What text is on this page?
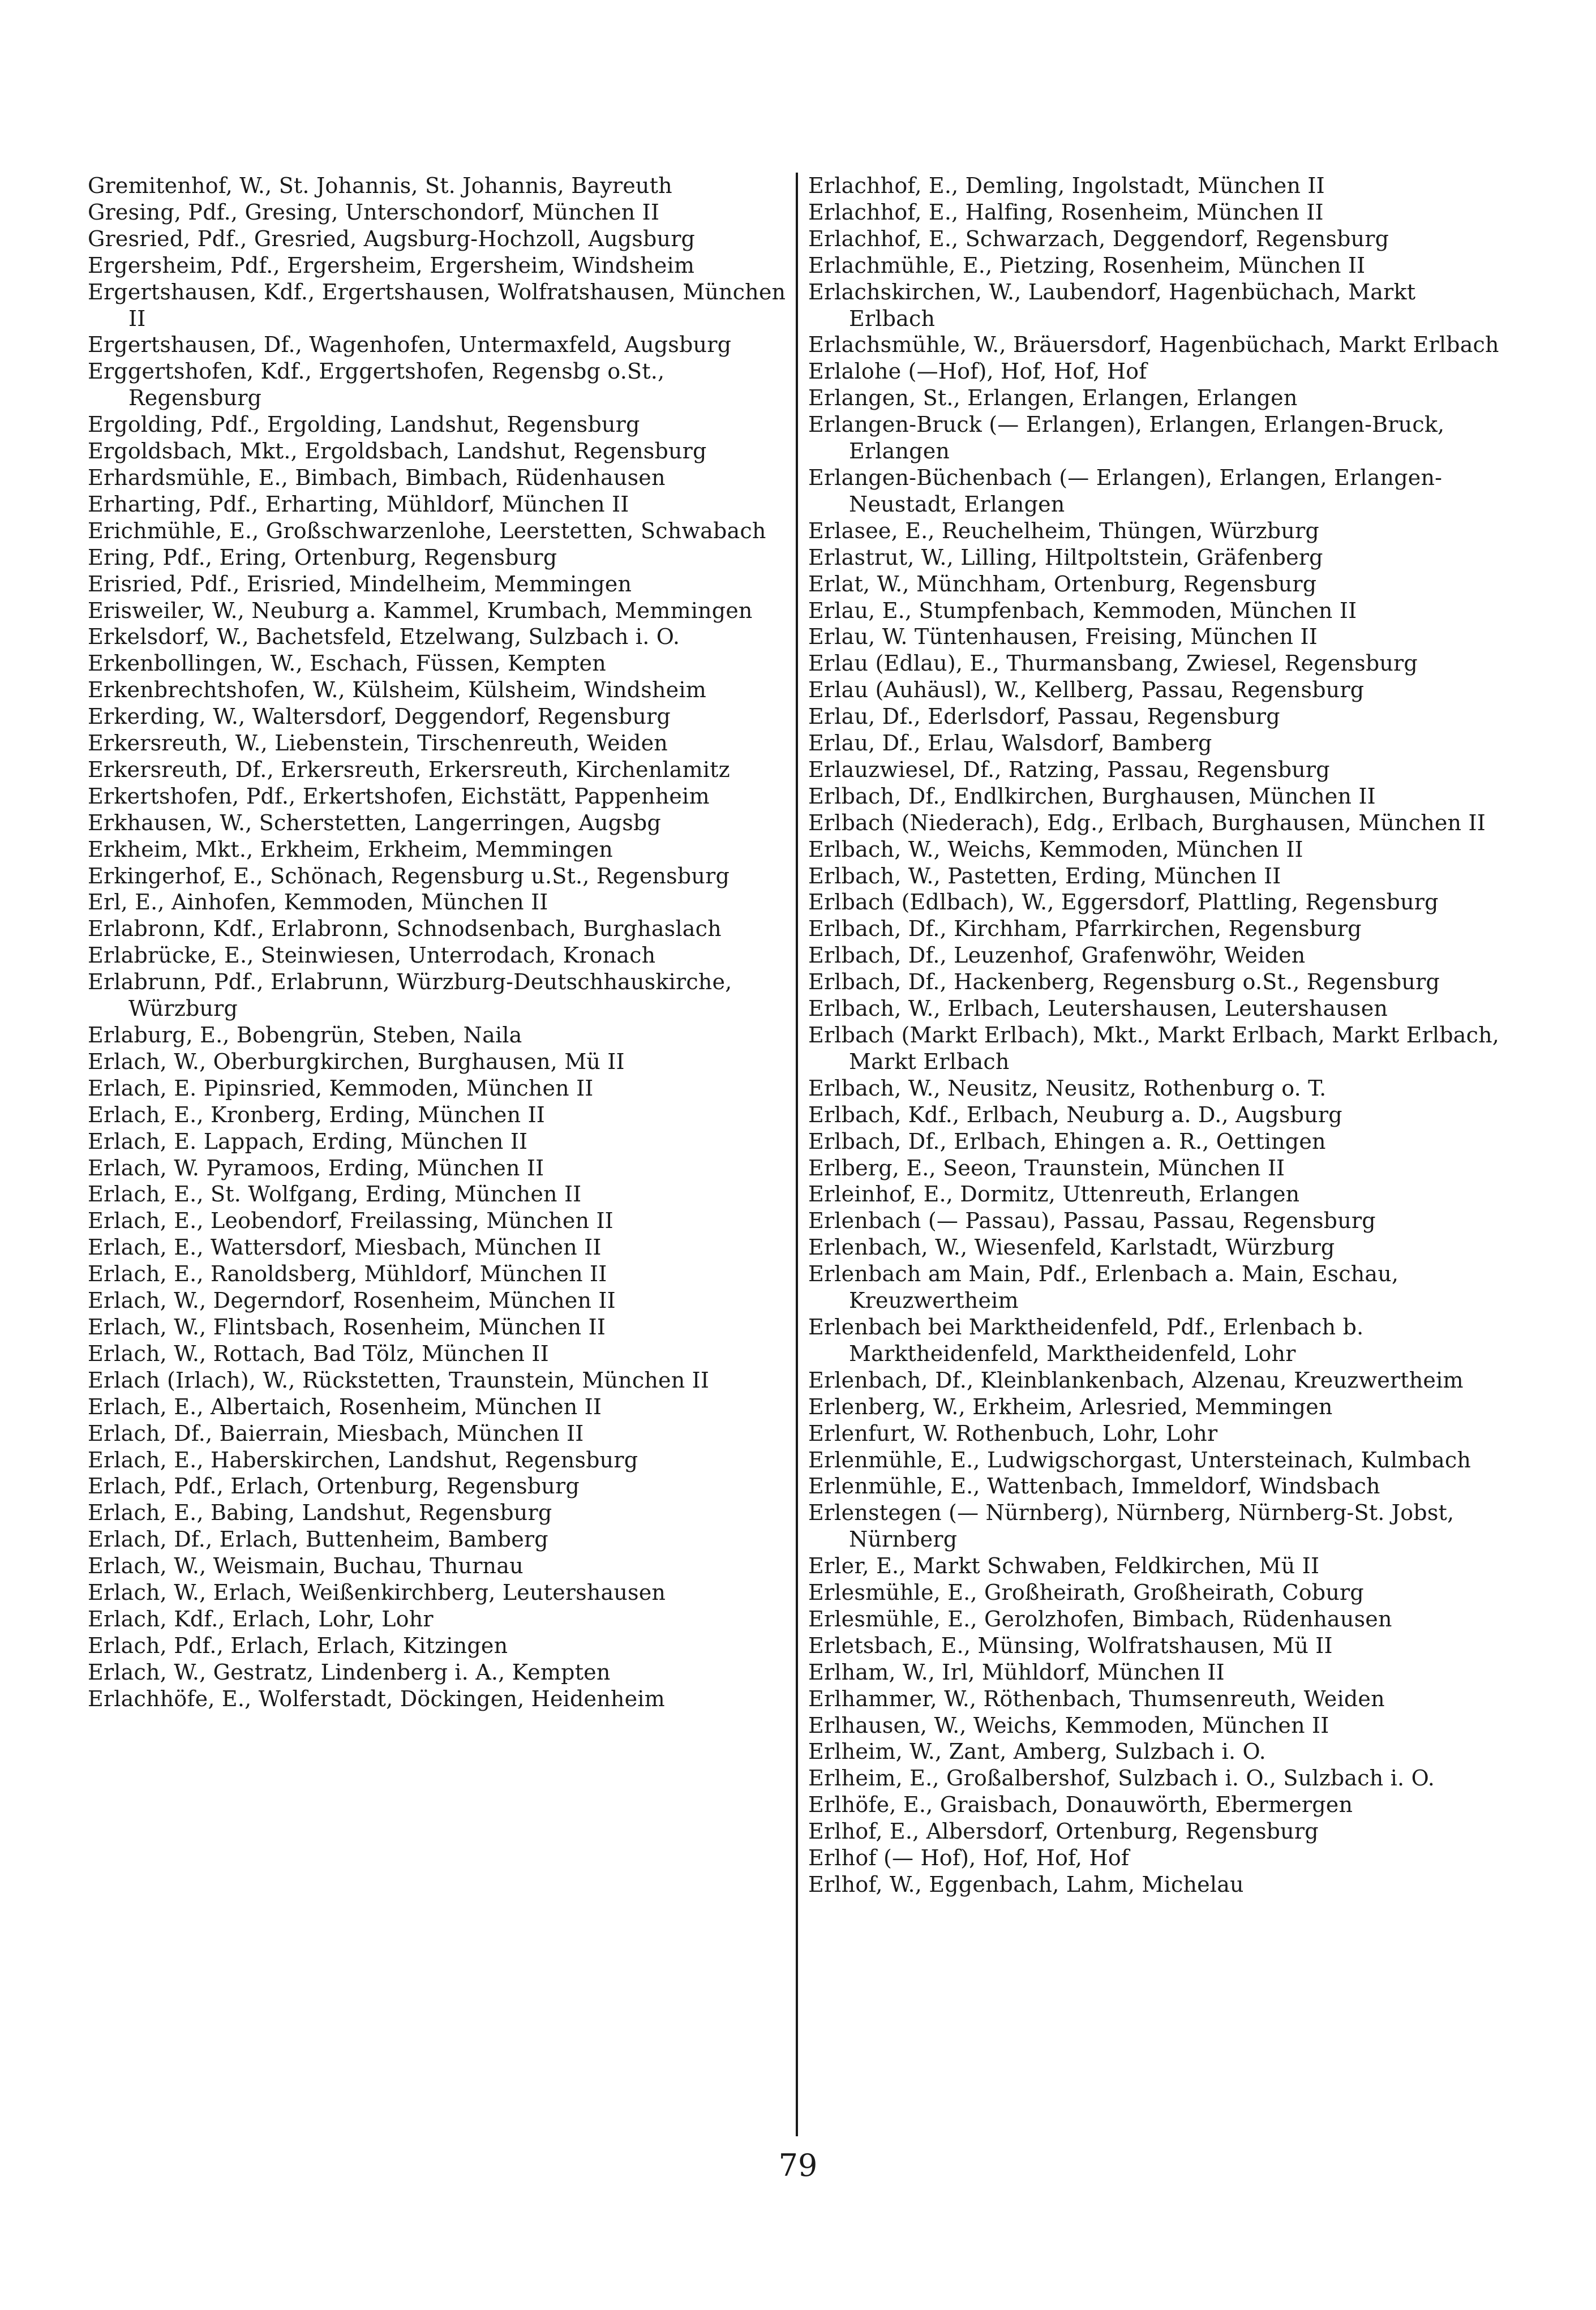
Gremitenhof, W., St. Johannis, St. Johannis, Bayreuth
Gresing, Pdf., Gresing, Unterschondorf, München II
Gresried, Pdf., Gresried, Augsburg-Hochzoll, Augsburg
Ergersheim, Pdf., Ergersheim, Ergersheim, Windsheim
Ergertshausen, Kdf., Ergertshausen, Wolfratshausen, München II
Ergertshausen, Df., Wagenhofen, Untermaxfeld, Augsburg
Erggertshofen, Kdf., Erggertshofen, Regensbg o.St., Regensburg
Ergolding, Pdf., Ergolding, Landshut, Regensburg
Ergoldsbach, Mkt., Ergoldsbach, Landshut, Regensburg
Erhardsmühle, E., Bimbach, Bimbach, Rüdenhausen
Erharting, Pdf., Erharting, Mühldorf, München II
Erichmühle, E., Großschwarzenlohe, Leerstetten, Schwabach
Ering, Pdf., Ering, Ortenburg, Regensburg
Erisried, Pdf., Erisried, Mindelheim, Memmingen
Erisweiler, W., Neuburg a. Kammel, Krumbach, Memmingen
Erkelsdorf, W., Bachetsfeld, Etzelwang, Sulzbach i. O.
Erkenbollingen, W., Eschach, Füssen, Kempten
Erkenbrechtshofen, W., Külsheim, Külsheim, Windsheim
Erkerding, W., Waltersdorf, Deggendorf, Regensburg
Erkersreuth, W., Liebenstein, Tirschenreuth, Weiden
Erkersreuth, Df., Erkersreuth, Erkersreuth, Kirchenlamitz
Erkertshofen, Pdf., Erkertshofen, Eichstätt, Pappenheim
Erkhausen, W., Scherstetten, Langerringen, Augsbg
Erkheim, Mkt., Erkheim, Erkheim, Memmingen
Erkingerhof, E., Schönach, Regensburg u.St., Regensburg
Erl, E., Ainhofen, Kemmoden, München II
Erlabronn, Kdf., Erlabronn, Schnodsenbach, Burghaslach
Erlabrücke, E., Steinwiesen, Unterrodach, Kronach
Erlabrunn, Pdf., Erlabrunn, Würzburg-Deutschhauskirche, Würzburg
Erlaburg, E., Bobengrün, Steben, Naila
Erlach, W., Oberburgkirchen, Burghausen, Mü II
Erlach, E. Pipinsried, Kemmoden, München II
Erlach, E., Kronberg, Erding, München II
Erlach, E. Lappach, Erding, München II
Erlach, W. Pyramoos, Erding, München II
Erlach, E., St. Wolfgang, Erding, München II
Erlach, E., Leobendorf, Freilassing, München II
Erlach, E., Wattersdorf, Miesbach, München II
Erlach, E., Ranoldsberg, Mühldorf, München II
Erlach, W., Degerndorf, Rosenheim, München II
Erlach, W., Flintsbach, Rosenheim, München II
Erlach, W., Rottach, Bad Tölz, München II
Erlach (Irlach), W., Rückstetten, Traunstein, München II
Erlach, E., Albertaich, Rosenheim, München II
Erlach, Df., Baierrain, Miesbach, München II
Erlach, E., Haberskirchen, Landshut, Regensburg
Erlach, Pdf., Erlach, Ortenburg, Regensburg
Erlach, E., Babing, Landshut, Regensburg
Erlach, Df., Erlach, Buttenheim, Bamberg
Erlach, W., Weismain, Buchau, Thurnau
Erlach, W., Erlach, Weißenkirchberg, Leutershausen
Erlach, Kdf., Erlach, Lohr, Lohr
Erlach, Pdf., Erlach, Erlach, Kitzingen
Erlach, W., Gestratz, Lindenberg i. A., Kempten
Erlachhöfe, E., Wolferstadt, Döckingen, Heidenheim
Erlachhof, E., Demling, Ingolstadt, München II
Erlachhof, E., Halfing, Rosenheim, München II
Erlachhof, E., Schwarzach, Deggendorf, Regensburg
Erlachmühle, E., Pietzing, Rosenheim, München II
Erlachskirchen, W., Laubendorf, Hagenbüchach, Markt Erlbach
Erlachsmühle, W., Bräuersdorf, Hagenbüchach, Markt Erlbach
Erlalohe (—Hof), Hof, Hof, Hof
Erlangen, St., Erlangen, Erlangen, Erlangen
Erlangen-Bruck (— Erlangen), Erlangen, Erlangen-Bruck, Erlangen
Erlangen-Büchenbach (— Erlangen), Erlangen, Erlangen-Neustadt, Erlangen
Erlasee, E., Reuchelheim, Thüngen, Würzburg
Erlastrut, W., Lilling, Hiltpoltstein, Gräfenberg
Erlat, W., Münchham, Ortenburg, Regensburg
Erlau, E., Stumpfenbach, Kemmoden, München II
Erlau, W. Tüntenhausen, Freising, München II
Erlau (Edlau), E., Thurmansbang, Zwiesel, Regensburg
Erlau (Auhäusl), W., Kellberg, Passau, Regensburg
Erlau, Df., Ederlsdorf, Passau, Regensburg
Erlau, Df., Erlau, Walsdorf, Bamberg
Erlauzwiesel, Df., Ratzing, Passau, Regensburg
Erlbach, Df., Endlkirchen, Burghausen, München II
Erlbach (Niederach), Edg., Erlbach, Burghausen, München II
Erlbach, W., Weichs, Kemmoden, München II
Erlbach, W., Pastetten, Erding, München II
Erlbach (Edlbach), W., Eggersdorf, Plattling, Regensburg
Erlbach, Df., Kirchham, Pfarrkirchen, Regensburg
Erlbach, Df., Leuzenhof, Grafenwöhr, Weiden
Erlbach, Df., Hackenberg, Regensburg o.St., Regensburg
Erlbach, W., Erlbach, Leutershausen, Leutershausen
Erlbach (Markt Erlbach), Mkt., Markt Erlbach, Markt Erlbach, Markt Erlbach
Erlbach, W., Neusitz, Neusitz, Rothenburg o. T.
Erlbach, Kdf., Erlbach, Neuburg a. D., Augsburg
Erlbach, Df., Erlbach, Ehingen a. R., Oettingen
Erlberg, E., Seeon, Traunstein, München II
Erleinhof, E., Dormitz, Uttenreuth, Erlangen
Erlenbach (— Passau), Passau, Passau, Regensburg
Erlenbach, W., Wiesenfeld, Karlstadt, Würzburg
Erlenbach am Main, Pdf., Erlenbach a. Main, Eschau, Kreuzwertheim
Erlenbach bei Marktheidenfeld, Pdf., Erlenbach b. Marktheidenfeld, Marktheidenfeld, Lohr
Erlenbach, Df., Kleinblankenbach, Alzenau, Kreuzwertheim
Erlenberg, W., Erkheim, Arlesried, Memmingen
Erlenfurt, W. Rothenbuch, Lohr, Lohr
Erlenmühle, E., Ludwigschorgast, Untersteinach, Kulmbach
Erlenmühle, E., Wattenbach, Immeldorf, Windsbach
Erlenstegen (— Nürnberg), Nürnberg, Nürnberg-St. Jobst, Nürnberg
Erler, E., Markt Schwaben, Feldkirchen, Mü II
Erlesmühle, E., Großheirath, Großheirath, Coburg
Erlesmühle, E., Gerolzhofen, Bimbach, Rüdenhausen
Erletsbach, E., Münsing, Wolfratshausen, Mü II
Erlham, W., Irl, Mühldorf, München II
Erlhammer, W., Röthenbach, Thumsenreuth, Weiden
Erlhausen, W., Weichs, Kemmoden, München II
Erlheim, W., Zant, Amberg, Sulzbach i. O.
Erlheim, E., Großalbershof, Sulzbach i. O., Sulzbach i. O.
Erlhöfe, E., Graisbach, Donauwörth, Ebermergen
Erlhof, E., Albersdorf, Ortenburg, Regensburg
Erlhof (— Hof), Hof, Hof, Hof
Erlhof, W., Eggenbach, Lahm, Michelau
79
